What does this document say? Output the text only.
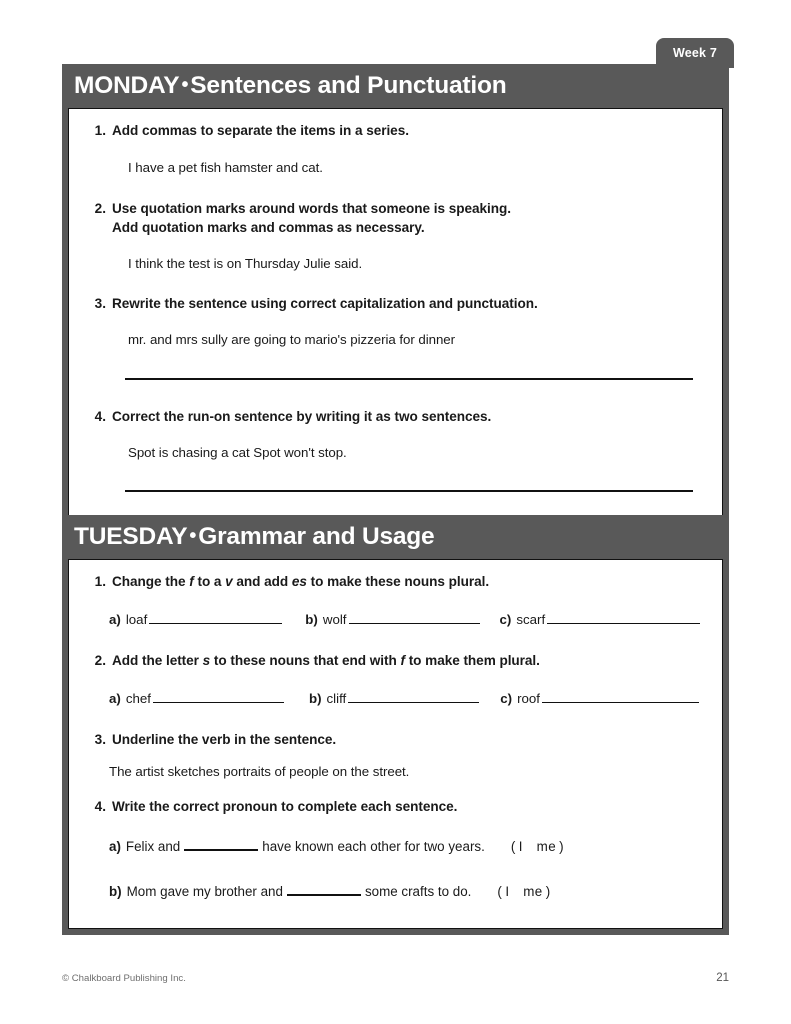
Week 7
MONDAY •Sentences and Punctuation
1. Add commas to separate the items in a series.
I have a pet fish hamster and cat.
2. Use quotation marks around words that someone is speaking.
Add quotation marks and commas as necessary.
I think the test is on Thursday Julie said.
3. Rewrite the sentence using correct capitalization and punctuation.
mr. and mrs sully are going to mario's pizzeria for dinner
4. Correct the run-on sentence by writing it as two sentences.
Spot is chasing a cat Spot won't stop.
TUESDAY •Grammar and Usage
1. Change the f to a v and add es to make these nouns plural.
a) loaf	b) wolf	c) scarf
2. Add the letter s to these nouns that end with f to make them plural.
a) chef	b) cliff	c) roof
3. Underline the verb in the sentence.
The artist sketches portraits of people on the street.
4. Write the correct pronoun to complete each sentence.
a) Felix and	have known each other for two years.	( I me )
b) Mom gave my brother and	some crafts to do.	( I me )
© Chalkboard Publishing Inc.	21
